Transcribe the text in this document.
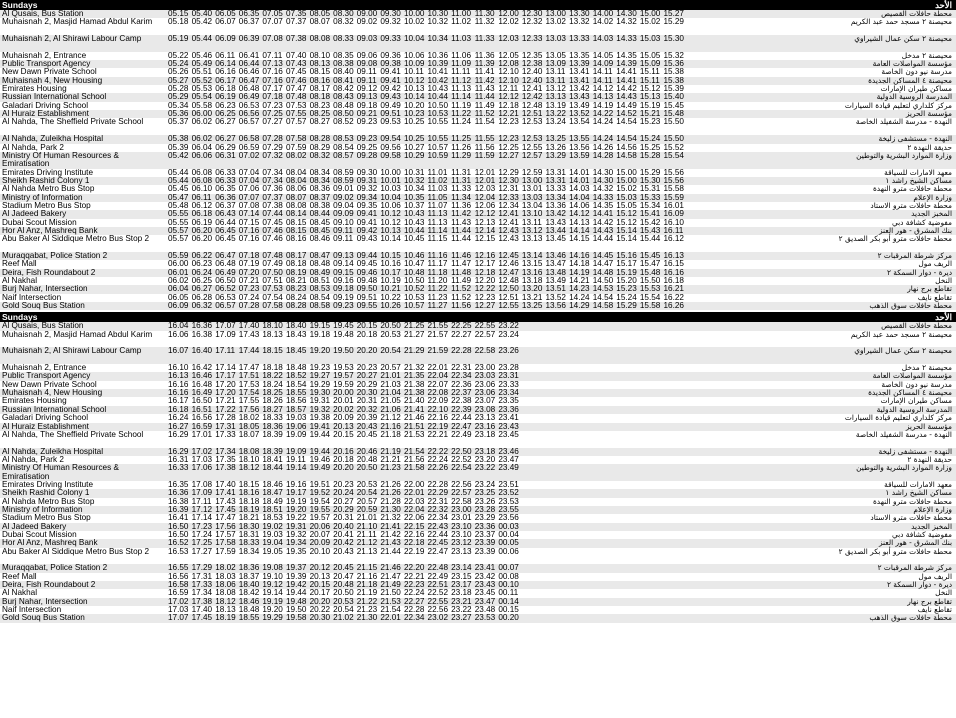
Sundays	الأحد
Al Qusais, Bus Station	05.15 05.40 06.05 06.35 07.05 07.35 08.05 08.30 09.00 09.30 10.00 10.30 11.00 11.30 12.00 12.30 13.00 13.30 14.00 14.30 15.00 15.27	محطة حافلات القصيص
Muhaisnah 2, Masjid Hamad Abdul Karim	05.18 05.42 06.07 06.37 07.07 07.37 08.07 08.32 09.02 09.32 10.02 10.32 11.02 11.32 12.02 12.32 13.02 13.32 14.02 14.32 15.02 15.29	محيصنة ٢ مسجد حمد عبد الكريم
Muhaisnah 2, Al Shirawi Labour Camp	05.19 05.44 06.09 06.39 07.08 07.38 08.08 08.33 09.03 09.33 10.04 10.34 11.03 11.33 12.03 12.33 13.03 13.33 14.03 14.33 15.03 15.30	محيصنة ٢ سكن عمال الشيراوي
Muhaisnah 2, Entrance	05.22 05.46 06.11 06.41 07.11 07.40 08.10 08.35 09.06 09.36 10.06 10.36 11.06 11.36 12.05 12.35 13.05 13.35 14.05 14.35 15.05 15.32	محيصنة ٢ مدخل
Public Transport Agency	05.24 05.49 06.14 06.44 07.13 07.43 08.13 08.38 09.08 09.38 10.09 10.39 11.09 11.39 12.08 12.38 13.09 13.39 14.09 14.39 15.09 15.36	مؤسسة المواصلات العامة
New Dawn Private School	05.26 05.51 06.16 06.46 07.16 07.45 08.15 08.40 09.11 09.41 10.11 10.41 11.11 11.41 12.10 12.40 13.11 13.41 14.11 14.41 15.11 15.38	مدرسة نيو دون الخاصة
Muhaisnah 4, New Housing	05.27 05.52 06.17 06.47 07.16 07.46 08.16 08.41 09.11 09.41 10.12 10.42 11.12 11.42 12.10 12.40 13.11 13.41 14.11 14.41 15.11 15.38	محيصنة ٤ المساكن الجديدة
Emirates Housing	05.28 05.53 06.18 06.48 07.17 07.47 08.17 08.42 09.12 09.42 10.13 10.43 11.13 11.43 12.11 12.41 13.12 13.42 14.12 14.42 15.12 15.39	مساكن طيران الإمارات
Russian International School	05.29 05.54 06.19 06.49 07.18 07.48 08.18 08.43 09.13 09.43 10.14 10.44 11.14 11.44 12.12 12.42 13.13 13.43 14.13 14.43 15.13 15.40	المدرسة الروسية الدولية
Galadari Driving School	05.34 05.58 06.23 06.53 07.23 07.53 08.23 08.48 09.18 09.49 10.20 10.50 11.19 11.49 12.18 12.48 13.19 13.49 14.19 14.49 15.19 15.45	مركز كلداري لتعليم قيادة السيارات
Al Huraiz Establishment	05.36 06.00 06.25 06.56 07.25 07.55 08.25 08.50 09.21 09.51 10.23 10.53 11.22 11.52 12.21 12.51 13.22 13.52 14.22 14.52 15.21 15.48	مؤسسة الحريز
Al Nahda, The Sheffield Private School	05.37 06.02 06.27 06.57 07.27 07.57 08.27 08.52 09.23 09.53 10.25 10.55 11.24 11.54 12.23 12.53 13.24 13.54 14.24 14.54 15.23 15.50	النهدة - مدرسة الشفيلد الخاصة
Al Nahda, Zuleikha Hospital	05.38 06.02 06.27 06.58 07.28 07.58 08.28 08.53 09.23 09.54 10.25 10.55 11.25 11.55 12.23 12.53 13.25 13.55 14.24 14.54 15.24 15.50	النهدة - مستشفى زليخة
Al Nahda, Park 2	05.39 06.04 06.29 06.59 07.29 07.59 08.29 08.54 09.25 09.56 10.27 10.57 11.26 11.56 12.25 12.55 13.26 13.56 14.26 14.56 15.25 15.52	حديقة النهدة ٢
Ministry Of Human Resources & Emiratisation
05.42 06.06 06.31 07.02 07.32 08.02 08.32 08.57 09.28 09.58 10.29 10.59 11.29 11.59 12.27 12.57 13.29 13.59 14.28 14.58 15.28 15.54	وزارة الموارد البشرية والتوطين
Emirates Driving Institute	05.44 06.08 06.33 07.04 07.34 08.04 08.34 08.59 09.30 10.00 10.31 11.01 11.31 12.01 12.29 12.59 13.31 14.01 14.30 15.00 15.29 15.56	معهد الامارات للسياقة
Sheikh Rashid Colony 1	05.44 06.08 06.33 07.04 07.34 08.04 08.34 08.59 09.31 10.01 10.32 11.02 11.31 12.01 12.30 13.00 13.31 14.01 14.30 15.00 15.30 15.56	مساكن الشيخ راشد ١
Al Nahda Metro Bus Stop	05.45 06.10 06.35 07.06 07.36 08.06 08.36 09.01 09.32 10.03 10.34 11.03 11.33 12.03 12.31 13.01 13.33 14.03 14.32 15.02 15.31 15.58	محطة حافلات مترو النهدة
Ministry of Information	05.47 06.11 06.36 07.07 07.37 08.07 08.37 09.02 09.34 10.04 10.35 11.05 11.34 12.04 12.33 13.03 13.34 14.04 14.33 15.03 15.33 15.59	وزارة الإعلام
Stadium Metro Bus Stop	05.48 06.12 06.37 07.08 07.38 08.08 08.38 09.04 09.35 10.06 10.37 11.07 11.36 12.06 12.34 13.04 13.36 14.06 14.35 15.05 15.34 16.01	محطة حافلات مترو الاستاد
Al Jadeed Bakery	05.55 06.18 06.43 07.14 07.44 08.14 08.44 09.09 09.41 10.12 10.43 11.13 11.42 12.12 12.41 13.10 13.42 14.12 14.41 15.12 15.41 16.09	المخبز الجديد
Dubai Scout Mission	05.55 06.19 06.44 07.15 07.45 08.15 08.45 09.10 09.41 10.12 10.43 11.13 11.43 12.13 12.41 13.11 13.43 14.13 14.42 15.12 15.42 16.10	مفوضية كشافة دبي
Hor Al Anz, Mashreq Bank	05.57 06.20 06.45 07.16 07.46 08.15 08.45 09.11 09.42 10.13 10.44 11.14 11.44 12.14 12.43 13.12 13.44 14.14 14.43 15.14 15.43 16.11	بنك المشرق - هور العنز
Abu Baker Al Siddique Metro Bus Stop 2	05.57 06.20 06.45 07.16 07.46 08.16 08.46 09.11 09.43 10.14 10.45 11.15 11.44 12.15 12.43 13.13 13.45 14.15 14.44 15.14 15.44 16.12	محطة حافلات مترو أبو بكر الصديق ٢
Muraqqabat, Police Station 2	05.59 06.22 06.47 07.18 07.48 08.17 08.47 09.13 09.44 10.15 10.46 11.16 11.46 12.16 12.45 13.14 13.46 14.16 14.45 15.16 15.45 16.13	مركز شرطة المرقبات ٢
Reef Mall	06.00 06.23 06.48 07.19 07.49 08.18 08.48 09.14 09.45 10.16 10.47 11.17 11.47 12.17 12.46 13.15 13.47 14.18 14.47 15.17 15.47 16.15	الريف مول
Deira, Fish Roundabout 2	06.01 06.24 06.49 07.20 07.50 08.19 08.49 09.15 09.46 10.17 10.48 11.18 11.48 12.18 12.47 13.16 13.48 14.19 14.48 15.19 15.48 16.16	ديرة - دوار السمكة ٢
Al Nakhal	06.02 06.25 06.50 07.21 07.51 08.21 08.51 09.16 09.48 10.19 10.50 11.20 11.49 12.20 12.48 13.18 13.49 14.21 14.50 15.20 15.50 16.18	النخل
Burj Nahar, Intersection	06.04 06.27 06.52 07.23 07.53 08.23 08.53 09.18 09.50 10.21 10.52 11.22 11.52 12.22 12.50 13.20 13.51 14.23 14.53 15.23 15.53 16.21	تقاطع برج نهار
Naif Intersection	06.05 06.28 06.53 07.24 07.54 08.24 08.54 09.19 09.51 10.22 10.53 11.23 11.52 12.23 12.51 13.21 13.52 14.24 14.54 15.24 15.54 16.22	تقاطع نايف
Gold Souq Bus Station	06.09 06.32 06.57 07.28 07.58 08.28 08.58 09.23 09.55 10.26 10.57 11.27 11.56 12.27 12.55 13.25 13.56 14.29 14.58 15.29 15.58 16.26	محطة حافلات سوق الذهب
Sundays	الأحد
Al Qusais, Bus Station	16.04 16.36 17.07 17.40 18.10 18.40 19.15 19.45 20.15 20.50 21.25 21.55 22.25 22.55 23.22	محطة حافلات القصيص
Muhaisnah 2, Masjid Hamad Abdul Karim	16.06 16.38 17.09 17.43 18.13 18.43 19.18 19.48 20.18 20.53 21.27 21.57 22.27 22.57 23.24	محيصنة ٢ مسجد حمد عبد الكريم
Muhaisnah 2, Al Shirawi Labour Camp	16.07 16.40 17.11 17.44 18.15 18.45 19.20 19.50 20.20 20.54 21.29 21.59 22.28 22.58 23.26	محيصنة ٢ سكن عمال الشيراوي
Muhaisnah 2, Entrance	16.10 16.42 17.14 17.47 18.18 18.48 19.23 19.53 20.23 20.57 21.32 22.01 22.31 23.00 23.28	محيصنة ٢ مدخل
Public Transport Agency	16.13 16.46 17.17 17.51 18.22 18.52 19.27 19.57 20.27 21.01 21.35 22.04 22.34 23.03 23.31	مؤسسة المواصلات العامة
New Dawn Private School	16.16 16.48 17.20 17.53 18.24 18.54 19.29 19.59 20.29 21.03 21.38 22.07 22.36 23.06 23.33	مدرسة نيو دون الخاصة
Muhaisnah 4, New Housing	16.16 16.49 17.20 17.54 18.25 18.55 19.30 20.00 20.30 21.04 21.38 22.08 22.37 23.06 23.34	محيصنة ٤ المساكن الجديدة
Emirates Housing	16.17 16.50 17.21 17.55 18.26 18.56 19.31 20.01 20.31 21.05 21.40 22.09 22.38 23.07 23.35	مساكن طيران الإمارات
Russian International School	16.18 16.51 17.22 17.56 18.27 18.57 19.32 20.02 20.32 21.06 21.41 22.10 22.39 23.08 23.36	المدرسة الروسية الدولية
Galadari Driving School	16.24 16.56 17.28 18.02 18.33 19.03 19.38 20.09 20.39 21.12 21.46 22.16 22.44 23.13 23.41	مركز كلداري لتعليم قيادة السيارات
Al Huraiz Establishment	16.27 16.59 17.31 18.05 18.36 19.06 19.41 20.13 20.43 21.16 21.51 22.19 22.47 23.16 23.43	مؤسسة الحريز
Al Nahda, The Sheffield Private School	16.29 17.01 17.33 18.07 18.39 19.09 19.44 20.15 20.45 21.18 21.53 22.21 22.49 23.18 23.45	النهدة - مدرسة الشفيلد الخاصة
Al Nahda, Zuleikha Hospital	16.29 17.02 17.34 18.08 18.39 19.09 19.44 20.16 20.46 21.19 21.54 22.22 22.50 23.18 23.46	النهدة - مستشفى زليخة
Al Nahda, Park 2	16.31 17.03 17.35 18.10 18.41 19.11 19.46 20.18 20.48 21.21 21.56 22.24 22.52 23.20 23.47	حديقة النهدة ٢
Ministry Of Human Resources & Emiratisation
16.33 17.06 17.38 18.12 18.44 19.14 19.49 20.20 20.50 21.23 21.58 22.26 22.54 23.22 23.49	وزارة الموارد البشرية والتوطين
Emirates Driving Institute	16.35 17.08 17.40 18.15 18.46 19.16 19.51 20.23 20.53 21.26 22.00 22.28 22.56 23.24 23.51	معهد الامارات للسياقة
Sheikh Rashid Colony 1	16.36 17.09 17.41 18.16 18.47 19.17 19.52 20.24 20.54 21.26 22.01 22.29 22.57 23.25 23.52	مساكن الشيخ راشد ١
Al Nahda Metro Bus Stop	16.38 17.11 17.43 18.18 18.49 19.19 19.54 20.27 20.57 21.28 22.03 22.31 22.58 23.26 23.53	محطة حافلات مترو النهدة
Ministry of Information	16.39 17.12 17.45 18.19 18.51 19.20 19.55 20.29 20.59 21.30 22.04 22.32 23.00 23.28 23.55	وزارة الإعلام
Stadium Metro Bus Stop	16.41 17.14 17.47 18.21 18.53 19.22 19.57 20.31 21.01 21.32 22.06 22.34 23.01 23.29 23.56	محطة حافلات مترو الاستاد
Al Jadeed Bakery	16.50 17.23 17.56 18.30 19.02 19.31 20.06 20.40 21.10 21.41 22.15 22.43 23.10 23.36 00.03	المخبز الجديد
Dubai Scout Mission	16.50 17.24 17.57 18.31 19.03 19.32 20.07 20.41 21.11 21.42 22.16 22.44 23.10 23.37 00.04	مفوضية كشافة دبي
Hor Al Anz, Mashreq Bank	16.52 17.25 17.58 18.33 19.04 19.34 20.09 20.42 21.12 21.43 22.18 22.45 23.12 23.39 00.05	بنك المشرق - هور العنز
Abu Baker Al Siddique Metro Bus Stop 2	16.53 17.27 17.59 18.34 19.05 19.35 20.10 20.43 21.13 21.44 22.19 22.47 23.13 23.39 00.06	محطة حافلات مترو أبو بكر الصديق ٢
Muraqqabat, Police Station 2	16.55 17.29 18.02 18.36 19.08 19.37 20.12 20.45 21.15 21.46 22.20 22.48 23.14 23.41 00.07	مركز شرطة المرقبات ٢
Reef Mall	16.56 17.31 18.03 18.37 19.10 19.39 20.13 20.47 21.16 21.47 22.21 22.49 23.15 23.42 00.08	الريف مول
Deira, Fish Roundabout 2	16.58 17.33 18.06 18.40 19.12 19.42 20.15 20.48 21.18 21.49 22.23 22.51 23.17 23.43 00.10	ديرة - دوار السمكة ٢
Al Nakhal	16.59 17.34 18.08 18.42 19.14 19.44 20.17 20.50 21.19 21.50 22.24 22.52 23.18 23.45 00.11	النخل
Burj Nahar, Intersection	17.02 17.38 18.12 18.46 19.19 19.48 20.20 20.53 21.22 21.53 22.27 22.55 23.21 23.47 00.14	تقاطع برج نهار
Naif Intersection	17.03 17.40 18.13 18.48 19.20 19.50 20.22 20.54 21.23 21.54 22.28 22.56 23.22 23.48 00.15	تقاطع نايف
Gold Souq Bus Station	17.07 17.45 18.19 18.55 19.29 19.58 20.30 21.02 21.30 22.01 22.34 23.02 23.27 23.53 00.20	محطة حافلات سوق الذهب
